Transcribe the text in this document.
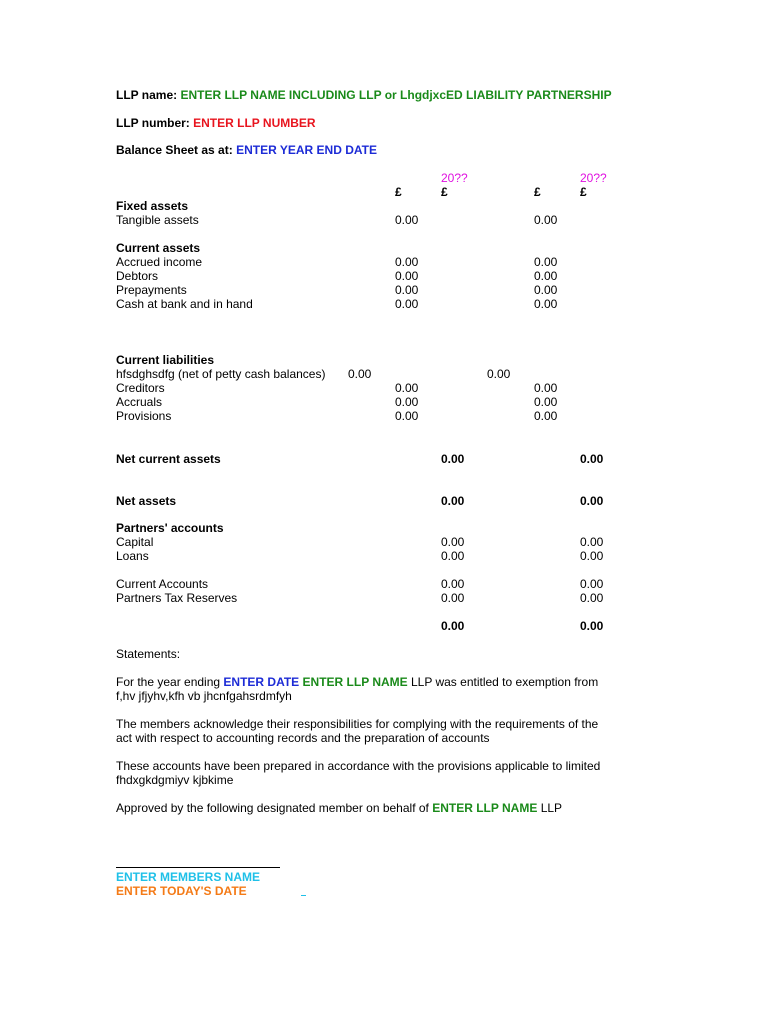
LLP name: ENTER LLP NAME INCLUDING LLP or LhgdjxcED LIABILITY PARTNERSHIP
LLP number: ENTER LLP NUMBER
Balance Sheet as at: ENTER YEAR END DATE
20??	20??
£	£	£	£
Fixed assets
Tangible assets	0.00	0.00
Current assets
Accrued income	0.00	0.00
Debtors	0.00	0.00
Prepayments	0.00	0.00
Cash at bank and in hand	0.00	0.00
Current liabilities
hfsdghsdfg (net of petty cash balances) 0.00	0.00
Creditors	0.00	0.00
Accruals	0.00	0.00
Provisions	0.00	0.00
Net current assets	0.00	0.00
Net assets	0.00	0.00
Partners' accounts
Capital	0.00	0.00
Loans	0.00	0.00
Current Accounts	0.00	0.00
Partners Tax Reserves	0.00	0.00
0.00	0.00
Statements:
For the year ending ENTER DATE ENTER LLP NAME LLP was entitled to exemption from
f,hv jfjyhv,kfh vb jhcnfgahsrdmfyh
The members acknowledge their responsibilities for complying with the requirements of the
act with respect to accounting records and the preparation of accounts
These accounts have been prepared in accordance with the provisions applicable to limited
fhdxgkdgmiyv kjbkime
Approved by the following designated member on behalf of ENTER LLP NAME LLP
ENTER MEMBERS NAME
ENTER TODAY'S DATE
